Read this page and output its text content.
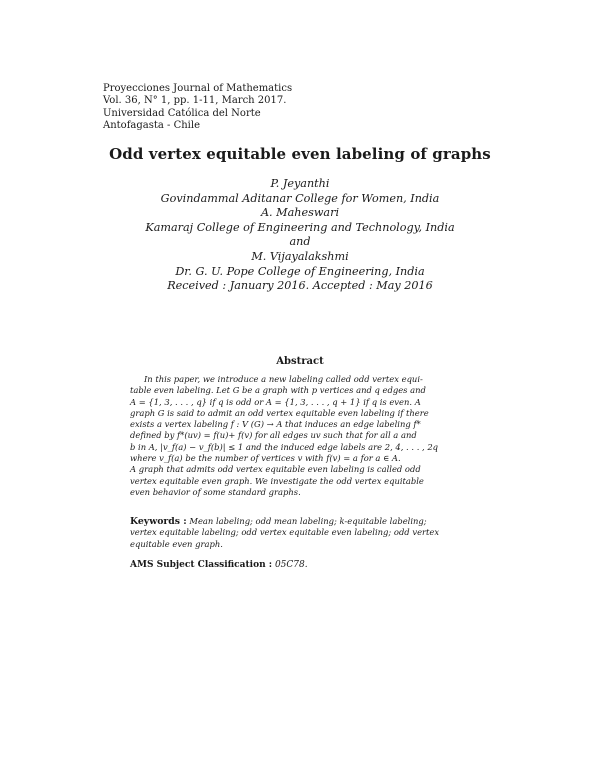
Proyecciones Journal of Mathematics
Vol. 36, N° 1, pp. 1-11, March 2017.
Universidad Católica del Norte
Antofagasta - Chile
Odd vertex equitable even labeling of graphs
P. Jeyanthi
Govindammal Aditanar College for Women, India
A. Maheswari
Kamaraj College of Engineering and Technology, India
and
M. Vijayalakshmi
Dr. G. U. Pope College of Engineering, India
Received : January 2016. Accepted : May 2016
Abstract
In this paper, we introduce a new labeling called odd vertex equi-
table even labeling. Let G be a graph with p vertices and q edges and
A = {1, 3, . . . , q} if q is odd or A = {1, 3, . . . , q + 1} if q is even. A
graph G is said to admit an odd vertex equitable even labeling if there
exists a vertex labeling f : V (G) → A that induces an edge labeling f*
defined by f*(uv) = f(u)+ f(v) for all edges uv such that for all a and
b in A, |v_f(a) − v_f(b)| ≤ 1 and the induced edge labels are 2, 4, . . . , 2q
where v_f(a) be the number of vertices v with f(v) = a for a ∈ A.
A graph that admits odd vertex equitable even labeling is called odd
vertex equitable even graph. We investigate the odd vertex equitable
even behavior of some standard graphs.
Keywords : Mean labeling; odd mean labeling; k-equitable labeling;
vertex equitable labeling; odd vertex equitable even labeling; odd vertex
equitable even graph.
AMS Subject Classification : 05C78.
